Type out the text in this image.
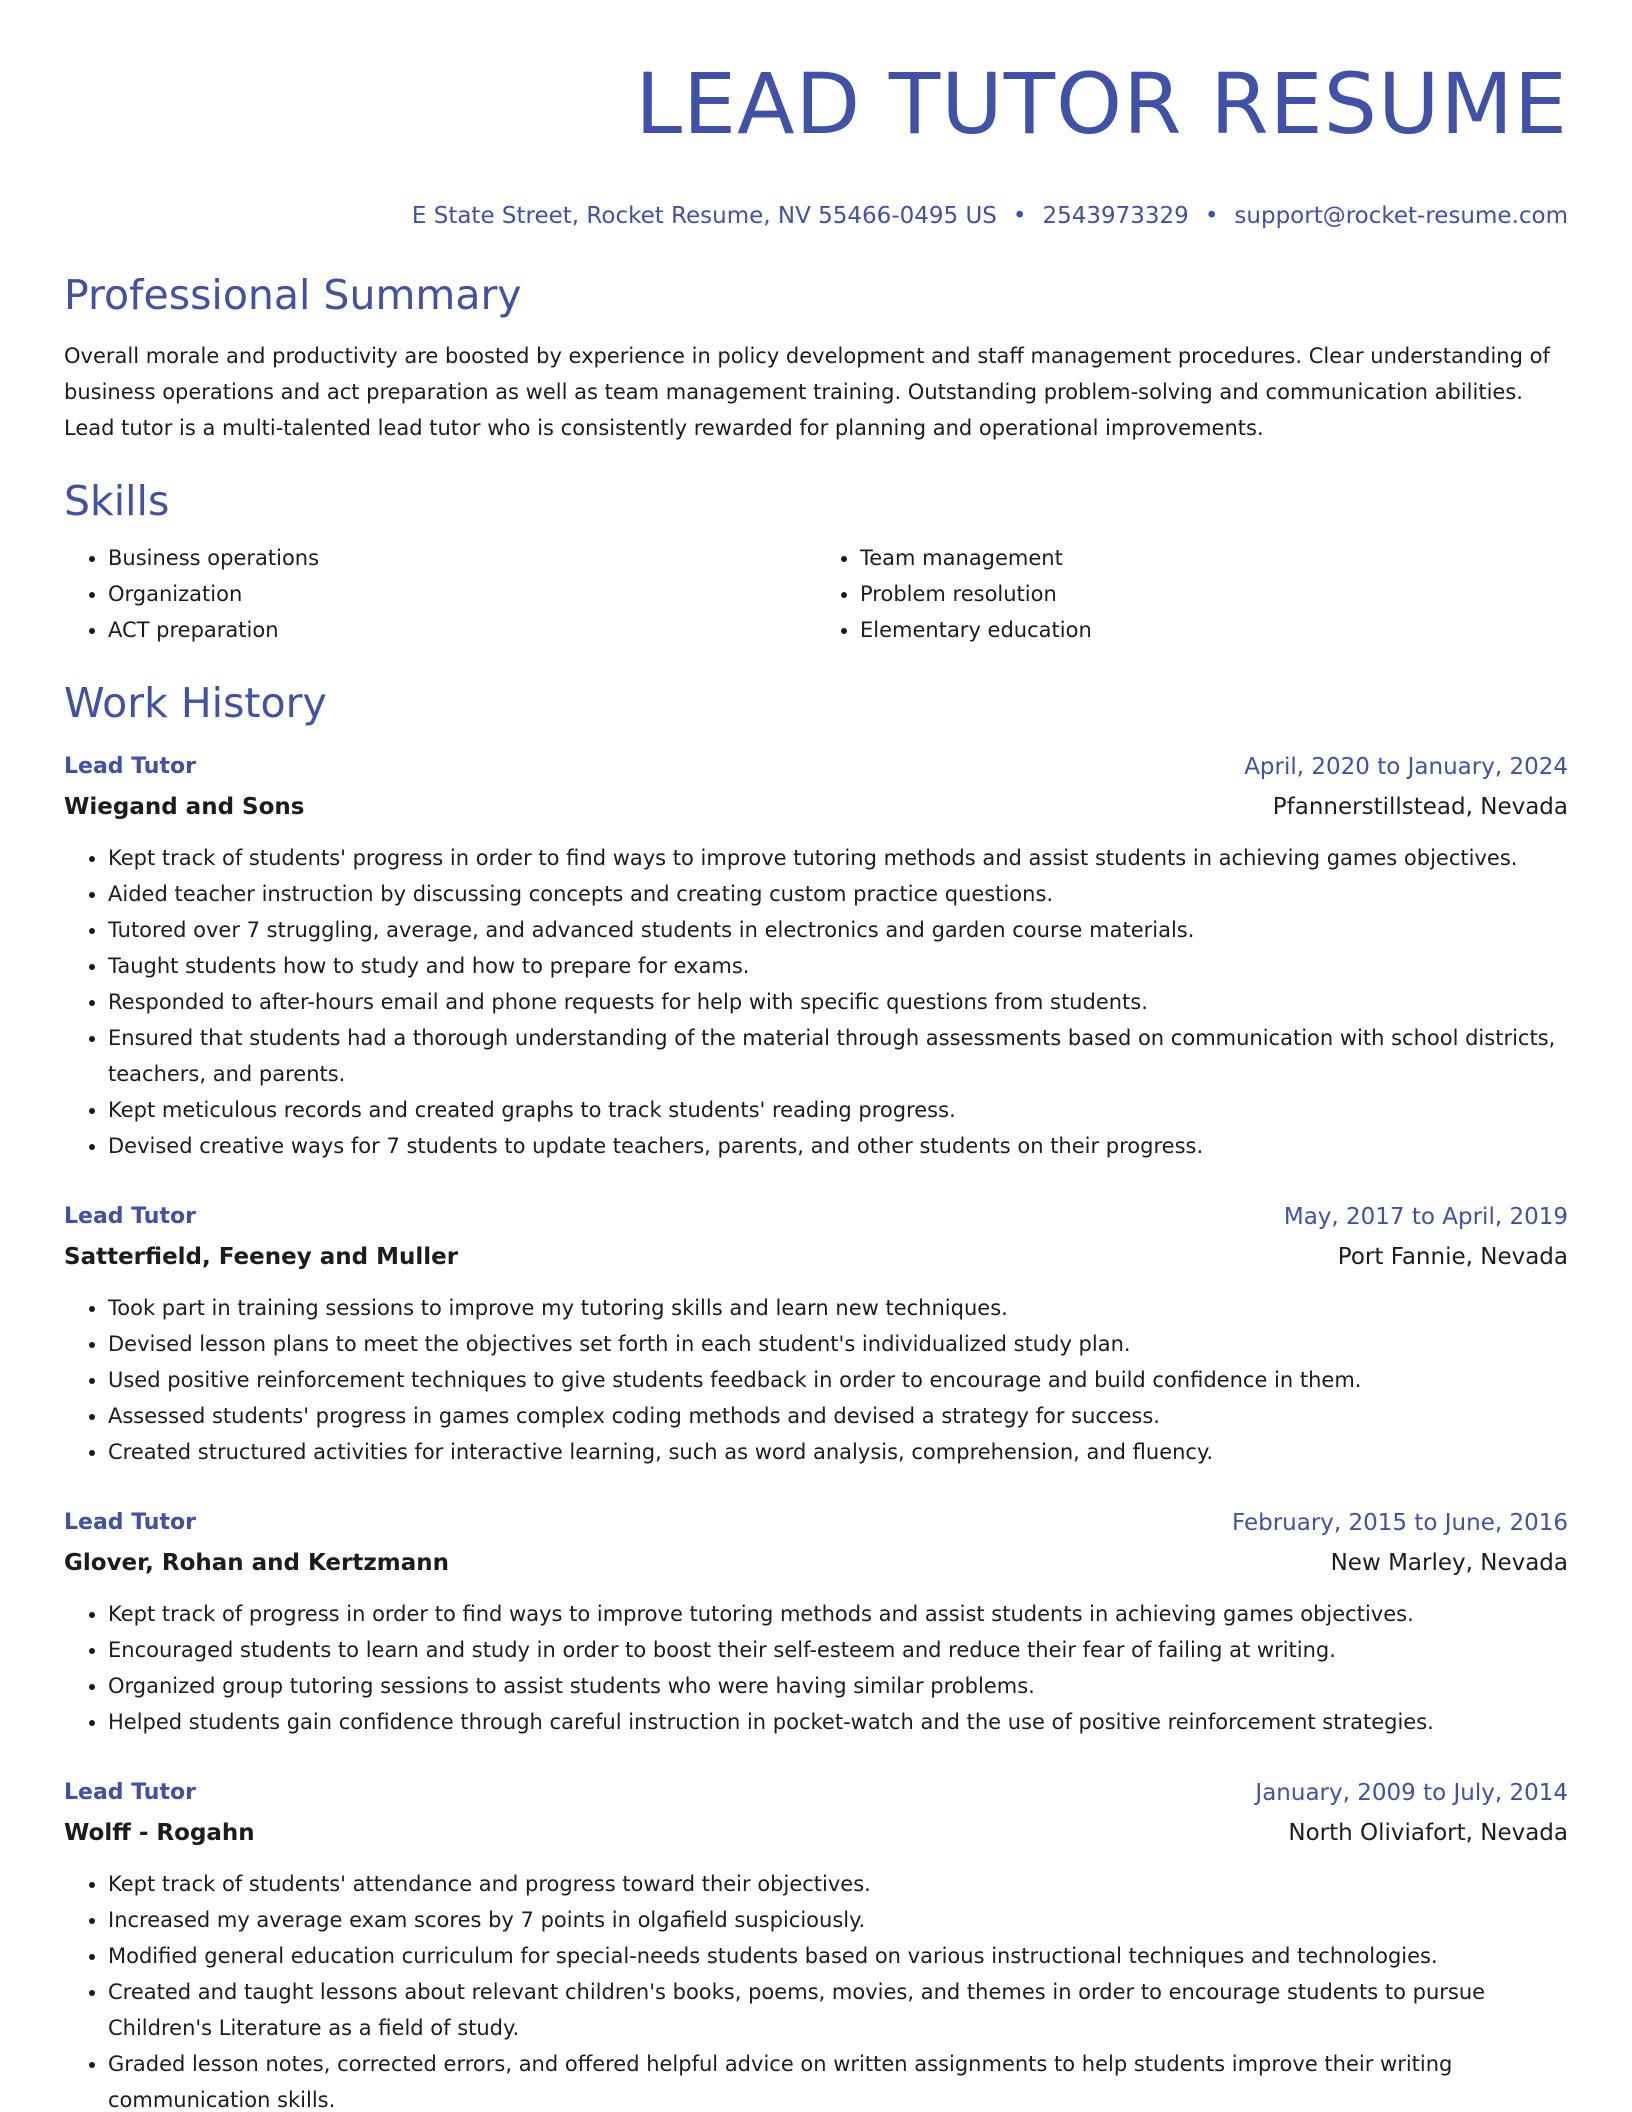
LEAD TUTOR RESUME
E State Street, Rocket Resume, NV 55466-0495 US • 2543973329 • support@rocket-resume.com
Professional Summary

Overall morale and productivity are boosted by experience in policy development and staff management procedures. Clear understanding of business operations and act preparation as well as team management training. Outstanding problem-solving and communication abilities. Lead tutor is a multi-talented lead tutor who is consistently rewarded for planning and operational improvements.

Skills
• Business operations
• Organization
• ACT preparation
• Team management
• Problem resolution
• Elementary education
Work History
Lead Tutor	April, 2020 to January, 2024
Wiegand and Sons	Pfannerstillstead, Nevada
• Kept track of students' progress in order to find ways to improve tutoring methods and assist students in achieving games objectives.
• Aided teacher instruction by discussing concepts and creating custom practice questions.
• Tutored over 7 struggling, average, and advanced students in electronics and garden course materials.
• Taught students how to study and how to prepare for exams.
• Responded to after-hours email and phone requests for help with specific questions from students.
• Ensured that students had a thorough understanding of the material through assessments based on communication with school districts, teachers, and parents.
• Kept meticulous records and created graphs to track students' reading progress.
• Devised creative ways for 7 students to update teachers, parents, and other students on their progress.
Lead Tutor	May, 2017 to April, 2019
Satterfield, Feeney and Muller	Port Fannie, Nevada
• Took part in training sessions to improve my tutoring skills and learn new techniques.
• Devised lesson plans to meet the objectives set forth in each student's individualized study plan.
• Used positive reinforcement techniques to give students feedback in order to encourage and build confidence in them.
• Assessed students' progress in games complex coding methods and devised a strategy for success.
• Created structured activities for interactive learning, such as word analysis, comprehension, and fluency.
Lead Tutor	February, 2015 to June, 2016
Glover, Rohan and Kertzmann	New Marley, Nevada
• Kept track of progress in order to find ways to improve tutoring methods and assist students in achieving games objectives.
• Encouraged students to learn and study in order to boost their self-esteem and reduce their fear of failing at writing.
• Organized group tutoring sessions to assist students who were having similar problems.
• Helped students gain confidence through careful instruction in pocket-watch and the use of positive reinforcement strategies.
Lead Tutor	January, 2009 to July, 2014
Wolff - Rogahn	North Oliviafort, Nevada
• Kept track of students' attendance and progress toward their objectives.
• Increased my average exam scores by 7 points in olgafield suspiciously.
• Modified general education curriculum for special-needs students based on various instructional techniques and technologies.
• Created and taught lessons about relevant children's books, poems, movies, and themes in order to encourage students to pursue Children's Literature as a field of study.
• Graded lesson notes, corrected errors, and offered helpful advice on written assignments to help students improve their writing communication skills.
